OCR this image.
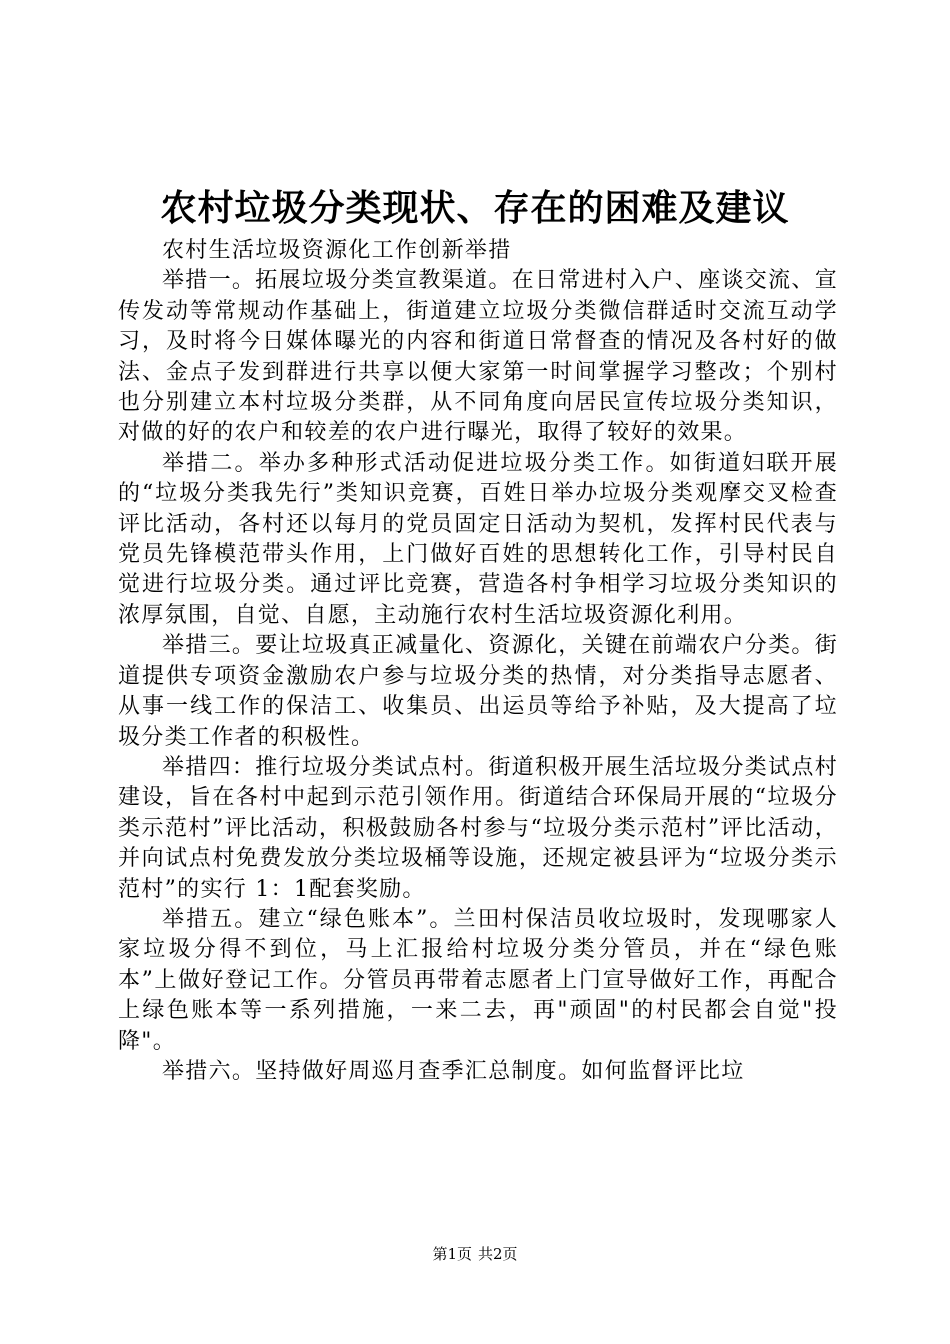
农村垃圾分类现状、存在的困难及建议

农村生活垃圾资源化工作创新举措

举措一。拓展垃圾分类宣教渠道。在日常进村入户、座谈交流、宣传发动等常规动作基础上，街道建立垃圾分类微信群适时交流互动学习，及时将今日媒体曝光的内容和街道日常督查的情况及各村好的做法、金点子发到群进行共享以便大家第一时间掌握学习整改；个别村也分别建立本村垃圾分类群，从不同角度向居民宣传垃圾分类知识，对做的好的农户和较差的农户进行曝光，取得了较好的效果。

举措二。举办多种形式活动促进垃圾分类工作。如街道妇联开展的“垃圾分类我先行”类知识竞赛，百姓日举办垃圾分类观摩交叉检查评比活动，各村还以每月的党员固定日活动为契机，发挥村民代表与党员先锋模范带头作用，上门做好百姓的思想转化工作，引导村民自觉进行垃圾分类。通过评比竞赛，营造各村争相学习垃圾分类知识的浓厚氛围，自觉、自愿，主动施行农村生活垃圾资源化利用。

举措三。要让垃圾真正减量化、资源化，关键在前端农户分类。街道提供专项资金激励农户参与垃圾分类的热情，对分类指导志愿者、从事一线工作的保洁工、收集员、出运员等给予补贴，及大提高了垃圾分类工作者的积极性。

举措四：推行垃圾分类试点村。街道积极开展生活垃圾分类试点村建设，旨在各村中起到示范引领作用。街道结合环保局开展的“垃圾分类示范村”评比活动，积极鼓励各村参与“垃圾分类示范村”评比活动，并向试点村免费发放分类垃圾桶等设施，还规定被县评为“垃圾分类示范村”的实行 1：1配套奖励。

举措五。建立“绿色账本”。兰田村保洁员收垃圾时，发现哪家人家垃圾分得不到位，马上汇报给村垃圾分类分管员，并在“绿色账本”上做好登记工作。分管员再带着志愿者上门宣导做好工作，再配合上绿色账本等一系列措施，一来二去，再"顽固"的村民都会自觉"投降"。

举措六。坚持做好周巡月查季汇总制度。如何监督评比垃

第1页 共2页
